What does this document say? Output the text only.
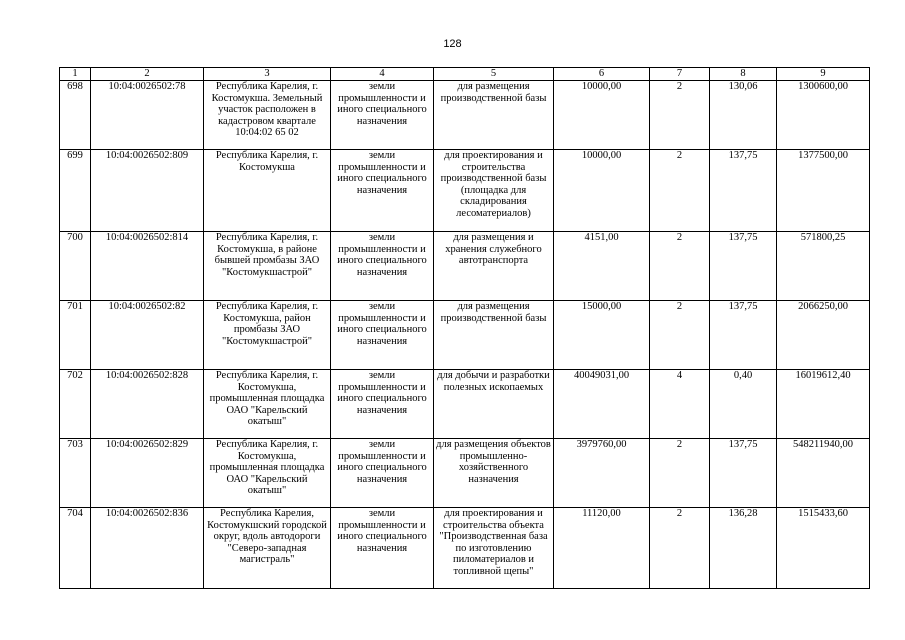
128
1	2	3	4	5	6	7	8	9
698	10:04:0026502:78	Республика Карелия, г. Костомукша. Земельный участок расположен в кадастровом квартале 10:04:02 65 02	земли промышленности и иного специального назначения	для размещения производственной базы	10000,00	2	130,06	1300600,00
699	10:04:0026502:809	Республика Карелия, г. Костомукша	земли промышленности и иного специального назначения	для проектирования и строительства производственной базы (площадка для складирования лесоматериалов)	10000,00	2	137,75	1377500,00
700	10:04:0026502:814	Республика Карелия, г. Костомукша, в районе бывшей промбазы ЗАО "Костомукшастрой"	земли промышленности и иного специального назначения	для размещения и хранения служебного автотранспорта	4151,00	2	137,75	571800,25
701	10:04:0026502:82	Республика Карелия, г. Костомукша, район промбазы ЗАО "Костомукшастрой"	земли промышленности и иного специального назначения	для размещения производственной базы	15000,00	2	137,75	2066250,00
702	10:04:0026502:828	Республика Карелия, г. Костомукша, промышленная площадка ОАО "Карельский окатыш"	земли промышленности и иного специального назначения	для добычи и разработки полезных ископаемых	40049031,00	4	0,40	16019612,40
703	10:04:0026502:829	Республика Карелия, г. Костомукша, промышленная площадка ОАО "Карельский окатыш"	земли промышленности и иного специального назначения	для размещения объектов промышленно-хозяйственного назначения	3979760,00	2	137,75	548211940,00
704	10:04:0026502:836	Республика Карелия, Костомукшский городской округ, вдоль автодороги "Северо-западная магистраль"	земли промышленности и иного специального назначения	для проектирования и строительства объекта "Производственная база по изготовлению пиломатериалов и топливной щепы"	11120,00	2	136,28	1515433,60
